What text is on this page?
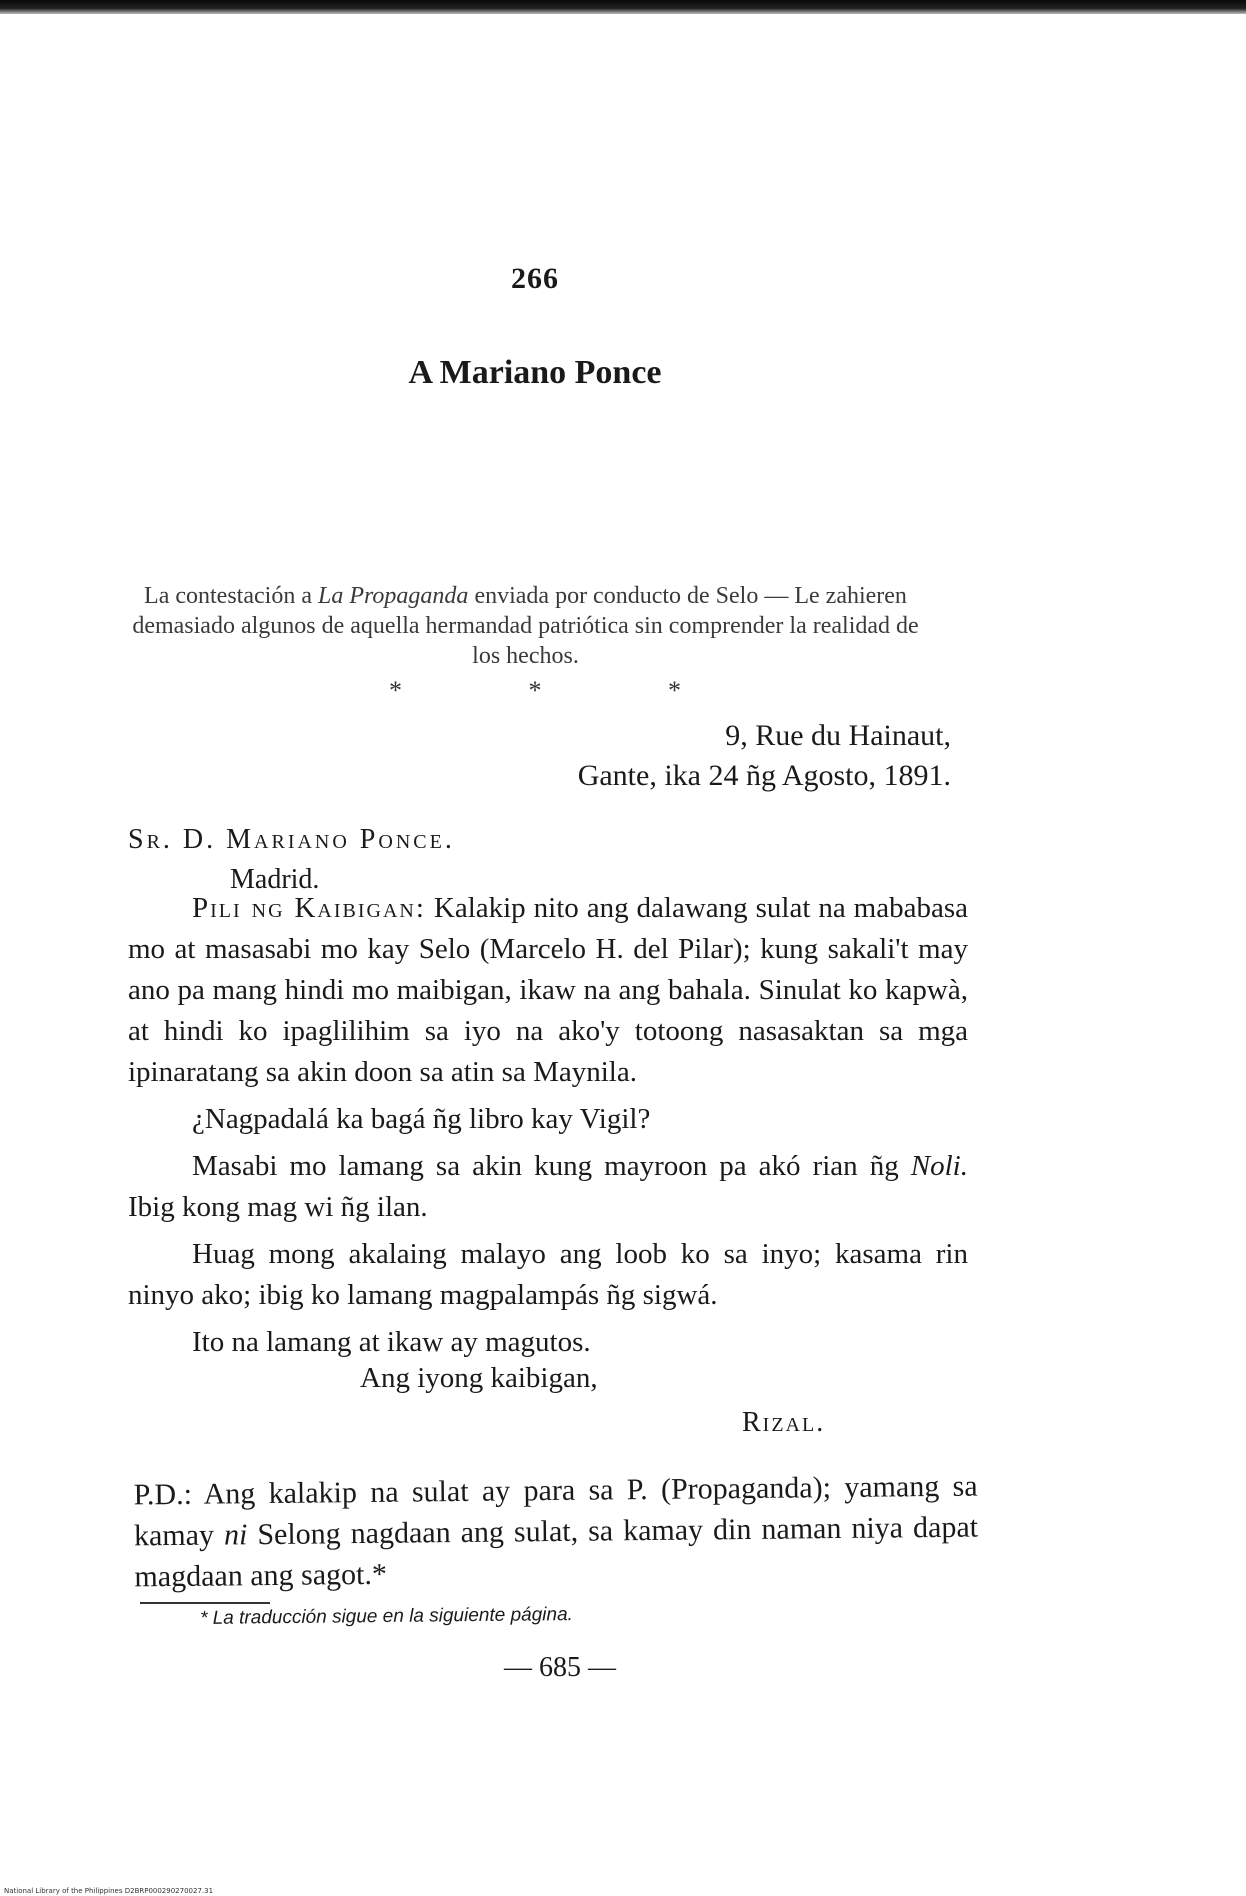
266
A Mariano Ponce
La contestación a La Propaganda enviada por conducto de Selo — Le zahieren demasiado algunos de aquella hermandad patriótica sin comprender la realidad de los hechos.
* * *
9, Rue du Hainaut,
Gante, ika 24 ñg Agosto, 1891.
Sr. D. Mariano Ponce.
Madrid.

Pili ng Kaibigan: Kalakip nito ang dalawang sulat na mababasa mo at masasabi mo kay Selo (Marcelo H. del Pilar); kung sakali't may ano pa mang hindi mo maibigan, ikaw na ang bahala. Sinulat ko kapwà, at hindi ko ipaglilihim sa iyo na ako'y totoong nasasaktan sa mga ipinaratang sa akin doon sa atin sa Maynila.

¿Nagpadalá ka bagá ñg libro kay Vigil?

Masabi mo lamang sa akin kung mayroon pa akó rian ñg Noli. Ibig kong mag wi ñg ilan.

Huag mong akalaing malayo ang loob ko sa inyo; kasama rin ninyo ako; ibig ko lamang magpalampás ñg sigwá.

Ito na lamang at ikaw ay magutos.

Ang iyong kaibigan,
Rizal.
P.D.: Ang kalakip na sulat ay para sa P. (Propaganda); yamang sa kamay ni Selong nagdaan ang sulat, sa kamay din naman niya dapat magdaan ang sagot.*
* La traducción sigue en la siguiente página.
— 685 —
National Library of the Philippines D2BRP000290270027.31
